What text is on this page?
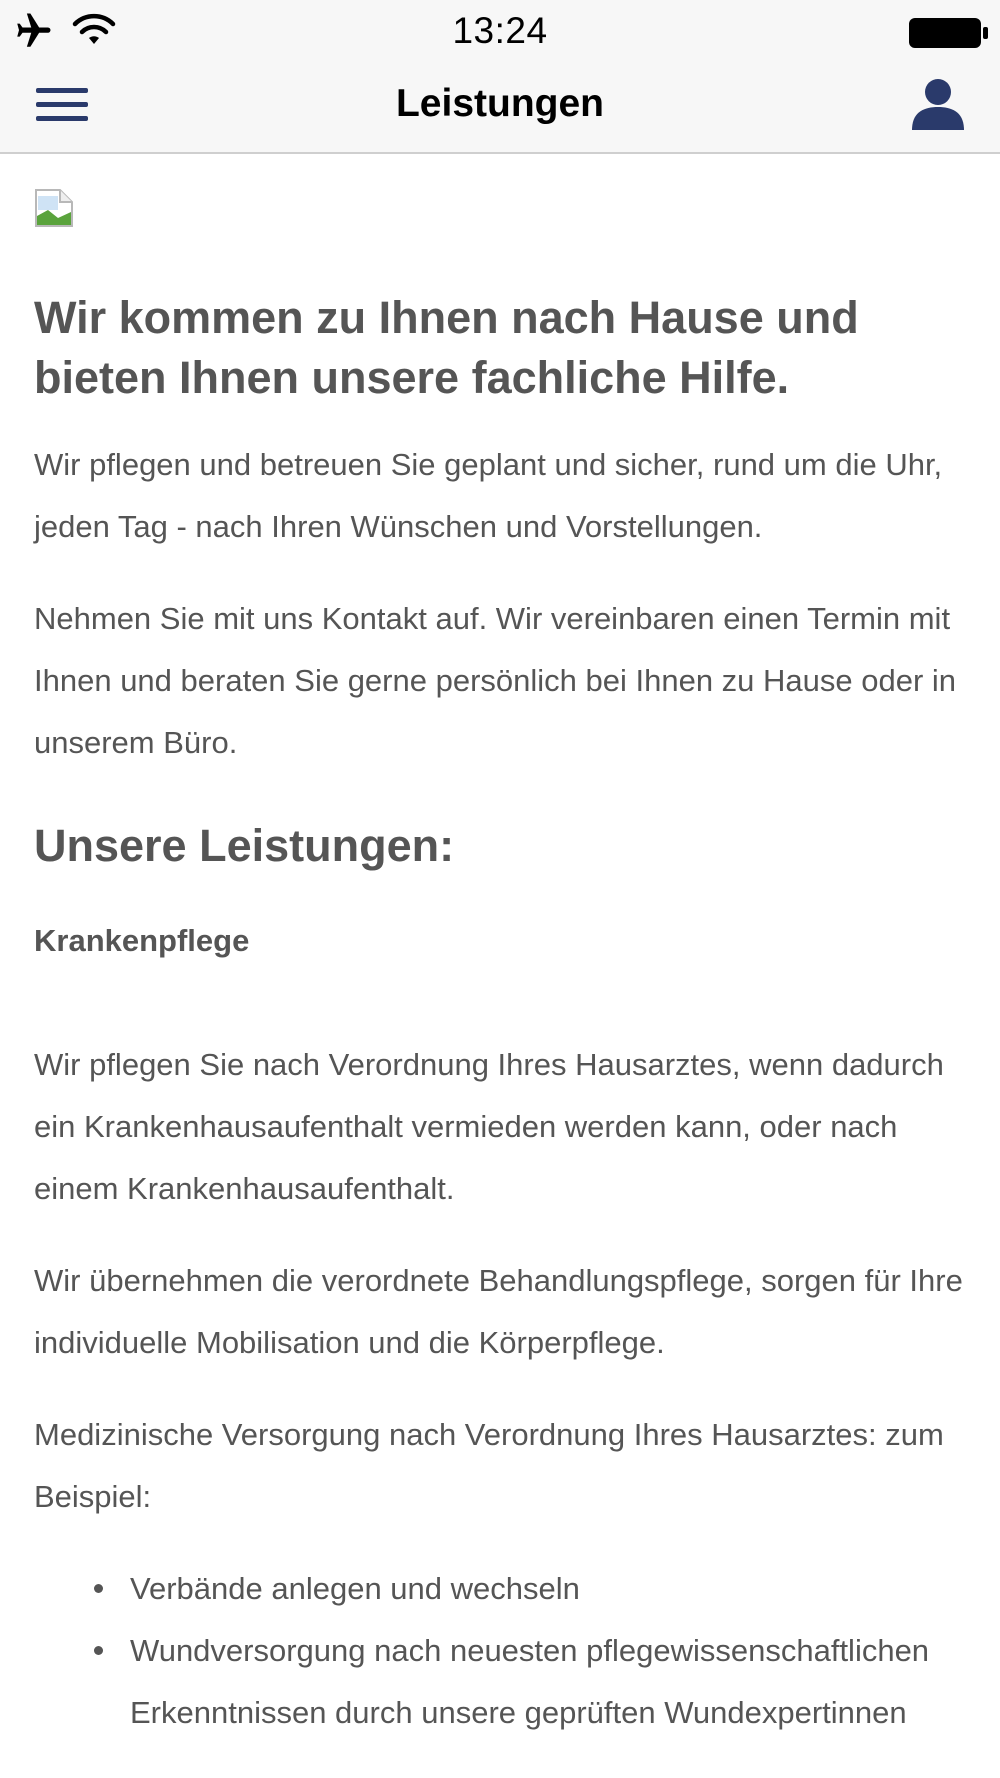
13:24
Leistungen
Wir kommen zu Ihnen nach Hause und bieten Ihnen unsere fachliche Hilfe.

Wir pflegen und betreuen Sie geplant und sicher, rund um die Uhr, jeden Tag - nach Ihren Wünschen und Vorstellungen.

Nehmen Sie mit uns Kontakt auf. Wir vereinbaren einen Termin mit Ihnen und beraten Sie gerne persönlich bei Ihnen zu Hause oder in unserem Büro.

Unsere Leistungen:

Krankenpflege

Wir pflegen Sie nach Verordnung Ihres Hausarztes, wenn dadurch ein Krankenhausaufenthalt vermieden werden kann, oder nach einem Krankenhausaufenthalt.

Wir übernehmen die verordnete Behandlungspflege, sorgen für Ihre individuelle Mobilisation und die Körperpflege.

Medizinische Versorgung nach Verordnung Ihres Hausarztes: zum Beispiel:

Verbände anlegen und wechseln
Wundversorgung nach neuesten pflegewissenschaftlichen Erkenntnissen durch unsere geprüften Wundexpertinnen
